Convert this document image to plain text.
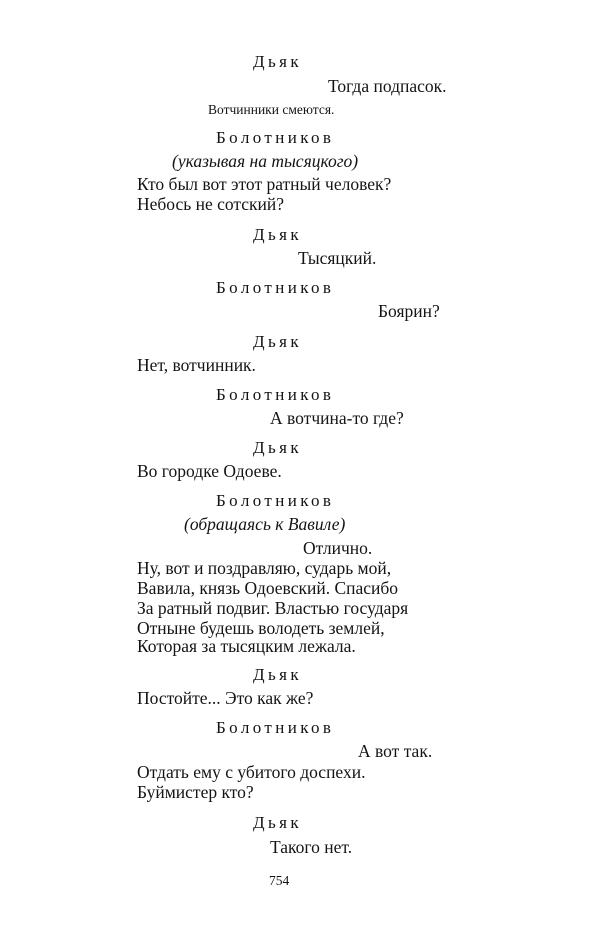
Дьяк
Тогда подпасок.
Вотчинники смеются.
Болотников
(указывая на тысяцкого)
Кто был вот этот ратный человек?
Небось не сотский?
Дьяк
Тысяцкий.
Болотников
Боярин?
Дьяк
Нет, вотчинник.
Болотников
А вотчина-то где?
Дьяк
Во городке Одоеве.
Болотников
(обращаясь к Вавиле)
Отлично.
Ну, вот и поздравляю, сударь мой,
Вавила, князь Одоевский. Спасибо
За ратный подвиг. Властью государя
Отныне будешь володеть землей,
Которая за тысяцким лежала.
Дьяк
Постойте... Это как же?
Болотников
А вот так.
Отдать ему с убитого доспехи.
Буймистер кто?
Дьяк
Такого нет.
754
